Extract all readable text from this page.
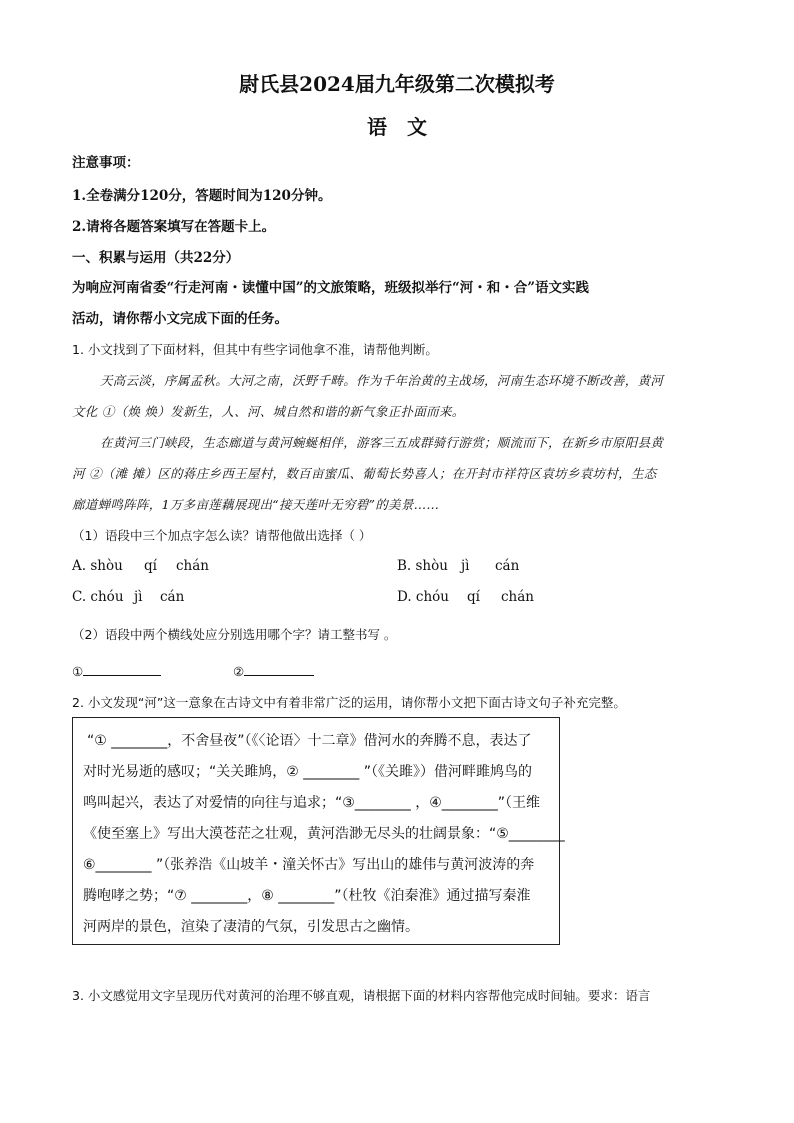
尉氏县2024届九年级第二次模拟考
语文
注意事项：
1.全卷满分120分，答题时间为120分钟。
2.请将各题答案填写在答题卡上。
一、积累与运用（共22分）
为响应河南省委“行走河南・读懂中国”的文旅策略，班级拟举行“河・和・合”语文实践
活动，请你帮小文完成下面的任务。
1. 小文找到了下面材料，但其中有些字词他拿不准，请帮他判断。
天高云淡，序属孟秋。大河之南，沃野千畴。作为千年治黄的主战场，河南生态环境不断改善，黄河
文化 ①（焕 焕）发新生，人、河、城自然和谐的新气象正扑面而来。
在黄河三门峡段，生态廊道与黄河蜿蜒相伴，游客三五成群骑行游赏；顺流而下，在新乡市原阳县黄
河 ②（滩 摊）区的蒋庄乡西王屋村，数百亩蜜瓜、葡萄长势喜人；在开封市祥符区袁坊乡袁坊村，生态
廊道蝉鸣阵阵，1万多亩莲藕展现出“接天莲叶无穷碧”的美景……
（1）语段中三个加点字怎么读？请帮他做出选择（ ）
A. shòu qí chán	B. shòu jì cán
C. chóu jì cán	D. chóu qí chán
（2）语段中两个横线处应分别选用哪个字？请工整书写 。
①	②
2. 小文发现“河”这一意象在古诗文中有着非常广泛的运用，请你帮小文把下面古诗文句子补充完整。
“① ________，不舍昼夜”（《〈论语〉十二章》借河水的奔腾不息，表达了
对时光易逝的感叹；“关关雎鸠，② ________ ”（《关雎》）借河畔雎鸠鸟的
鸣叫起兴，表达了对爱情的向往与追求；“③________ ，④________”（王维
《使至塞上》写出大漠苍茫之壮观，黄河浩渺无尽头的壮阔景象：“⑤________
⑥________ ”（张养浩《山坡羊・潼关怀古》写出山的雄伟与黄河波涛的奔
腾咆哮之势；“⑦ ________，⑧ ________”（杜牧《泊秦淮》通过描写秦淮
河两岸的景色，渲染了凄清的气氛，引发思古之幽情。
3. 小文感觉用文字呈现历代对黄河的治理不够直观，请根据下面的材料内容帮他完成时间轴。要求：语言
